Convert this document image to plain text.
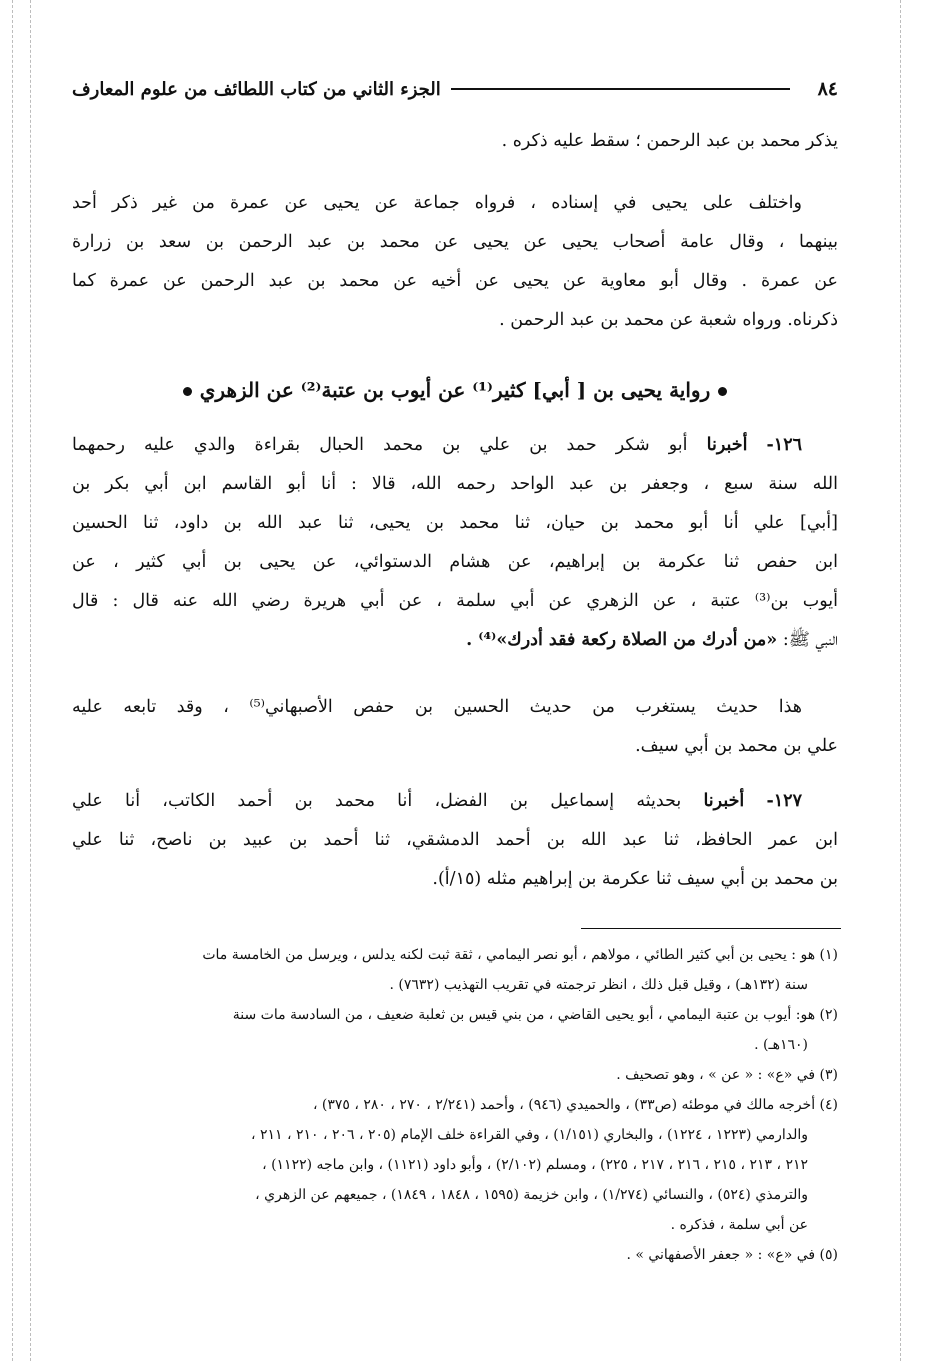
٨٤
الجزء الثاني من كتاب اللطائف من علوم المعارف

يذكر محمد بن عبد الرحمن ؛ سقط عليه ذكره .

واختلف على يحيى في إسناده ، فرواه جماعة عن يحيى عن عمرة من غير ذكر أحد

بينهما ، وقال عامة أصحاب يحيى عن يحيى عن محمد بن عبد الرحمن بن سعد بن زرارة

عن عمرة . وقال أبو معاوية عن يحيى عن أخيه عن محمد بن عبد الرحمن عن عمرة كما

ذكرناه. ورواه شعبة عن محمد بن عبد الرحمن .

رواية يحيى بن [ أبي] كثير⁽¹⁾ عن أيوب بن عتبة⁽²⁾ عن الزهري

١٢٦- أخبرنا أبو شكر حمد بن علي بن محمد الحبال بقراءة والدي عليه رحمهما

الله سنة سبع ، وجعفر بن عبد الواحد رحمه الله، قالا : أنا أبو القاسم ابن أبي بكر بن

[أبي] علي أنا أبو محمد بن حيان، ثنا محمد بن يحيى، ثنا عبد الله بن داود، ثنا الحسين

ابن حفص ثنا عكرمة بن إبراهيم، عن هشام الدستوائي، عن يحيى بن أبي كثير ، عن

أيوب بن⁽³⁾ عتبة ، عن الزهري عن أبي سلمة ، عن أبي هريرة رضي الله عنه قال : قال

النبي ﷺ: «من أدرك من الصلاة ركعة فقد أدرك»⁽⁴⁾ .

هذا حديث يستغرب من حديث الحسين بن حفص الأصبهاني⁽⁵⁾ ، وقد تابعه عليه

علي بن محمد بن أبي سيف.

١٢٧- أخبرنا بحديثه إسماعيل بن الفضل، أنا محمد بن أحمد الكاتب، أنا علي

ابن عمر الحافظ، ثنا عبد الله بن أحمد الدمشقي، ثنا أحمد بن عبيد بن ناصح، ثنا علي

بن محمد بن أبي سيف ثنا عكرمة بن إبراهيم مثله (١٥/أ).

(١) هو : يحيى بن أبي كثير الطائي ، مولاهم ، أبو نصر اليمامي ، ثقة ثبت لكنه يدلس ، ويرسل من الخامسة مات

سنة (١٣٢هـ) ، وقيل قبل ذلك ، انظر ترجمته في تقريب التهذيب (٧٦٣٢) .

(٢) هو: أيوب بن عتبة اليمامي ، أبو يحيى القاضي ، من بني قيس بن ثعلبة ضعيف ، من السادسة مات سنة

(١٦٠هـ) .

(٣) في «ع» : « عن » ، وهو تصحيف .

(٤) أخرجه مالك في موطئه (ص٣٣) ، والحميدي (٩٤٦) ، وأحمد (٢/٢٤١ ، ٢٧٠ ، ٢٨٠ ، ٣٧٥) ،

والدارمي (١٢٢٣ ، ١٢٢٤) ، والبخاري (١/١٥١) ، وفي القراءة خلف الإمام (٢٠٥ ، ٢٠٦ ، ٢١٠ ، ٢١١ ،

٢١٢ ، ٢١٣ ، ٢١٥ ، ٢١٦ ، ٢١٧ ، ٢٢٥) ، ومسلم (٢/١٠٢) ، وأبو داود (١١٢١) ، وابن ماجه (١١٢٢) ،

والترمذي (٥٢٤) ، والنسائي (١/٢٧٤) ، وابن خزيمة (١٥٩٥ ، ١٨٤٨ ، ١٨٤٩) ، جميعهم عن الزهري ،

عن أبي سلمة ، فذكره .

(٥) في «ع» : « جعفر الأصفهاني » .
